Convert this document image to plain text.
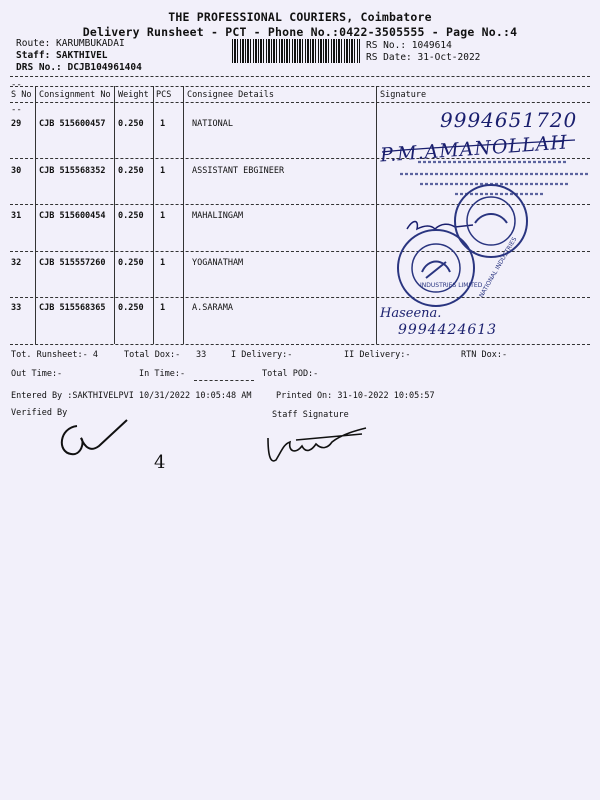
THE PROFESSIONAL COURIERS, Coimbatore
Delivery Runsheet - PCT - Phone No.:0422-3505555 - Page No.:4
Route: KARUMBUKADAI
Staff: SAKTHIVEL
DRS No.: DCJB104961404
RS No.: 1049614
RS Date: 31-Oct-2022
--
S No Consignment No Weight PCS Consignee Details	Signature
--
29 CJB 515600457 0.250 1	NATIONAL
30 CJB 515568352 0.250 1	ASSISTANT EBGINEER
31 CJB 515600454 0.250 1	MAHALINGAM
32 CJB 515557260 0.250 1	YOGANATHAM
33 CJB 515568365 0.250 1	A.SARAMA
9994651720
P.M.AMANOLLAH
INDUSTRIES LIMITED
Haseena.
9994424613
NATIONAL INDUSTRIES
Tot. Runsheet:- 4	Total Dox:- 33	I Delivery:-	II Delivery:-	RTN Dox:-
Out Time:-	In Time:-	Total POD:-
Entered By :SAKTHIVELPVI 10/31/2022 10:05:48 AM	Printed On: 31-10-2022 10:05:57
Verified By	Staff Signature
4
